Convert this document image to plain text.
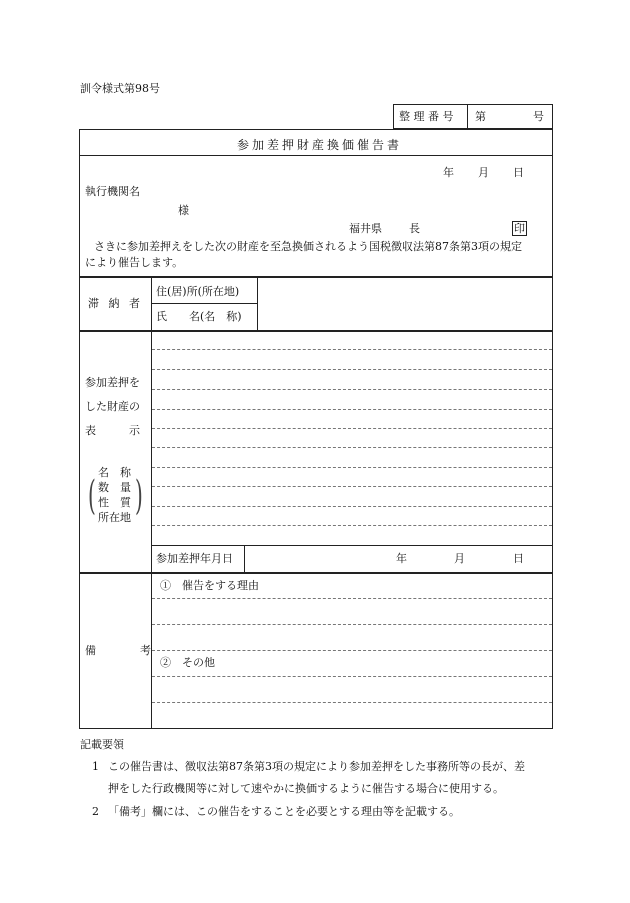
訓令様式第98号
整 理 番 号 第	号
参加差押財産換価催告書
年 月 日
執行機関名
様
福井県 長	印
さきに参加差押えをした次の財産を至急換価されるよう国税徴収法第87条第3項の規定
により催告します。
滞 納 者
住(居)所(所在地)
氏　　名(名　称)
参加差押を
した財産の
表　　　示
( )
名　称
数　量
性　質
所在地
参加差押年月日	年	月	日
備　　　　考
①　催告をする理由
②　その他
記載要領
1 この催告書は、徴収法第87条第3項の規定により参加差押をした事務所等の長が、差
押をした行政機関等に対して速やかに換価するように催告する場合に使用する。
2 「備考」欄には、この催告をすることを必要とする理由等を記載する。
